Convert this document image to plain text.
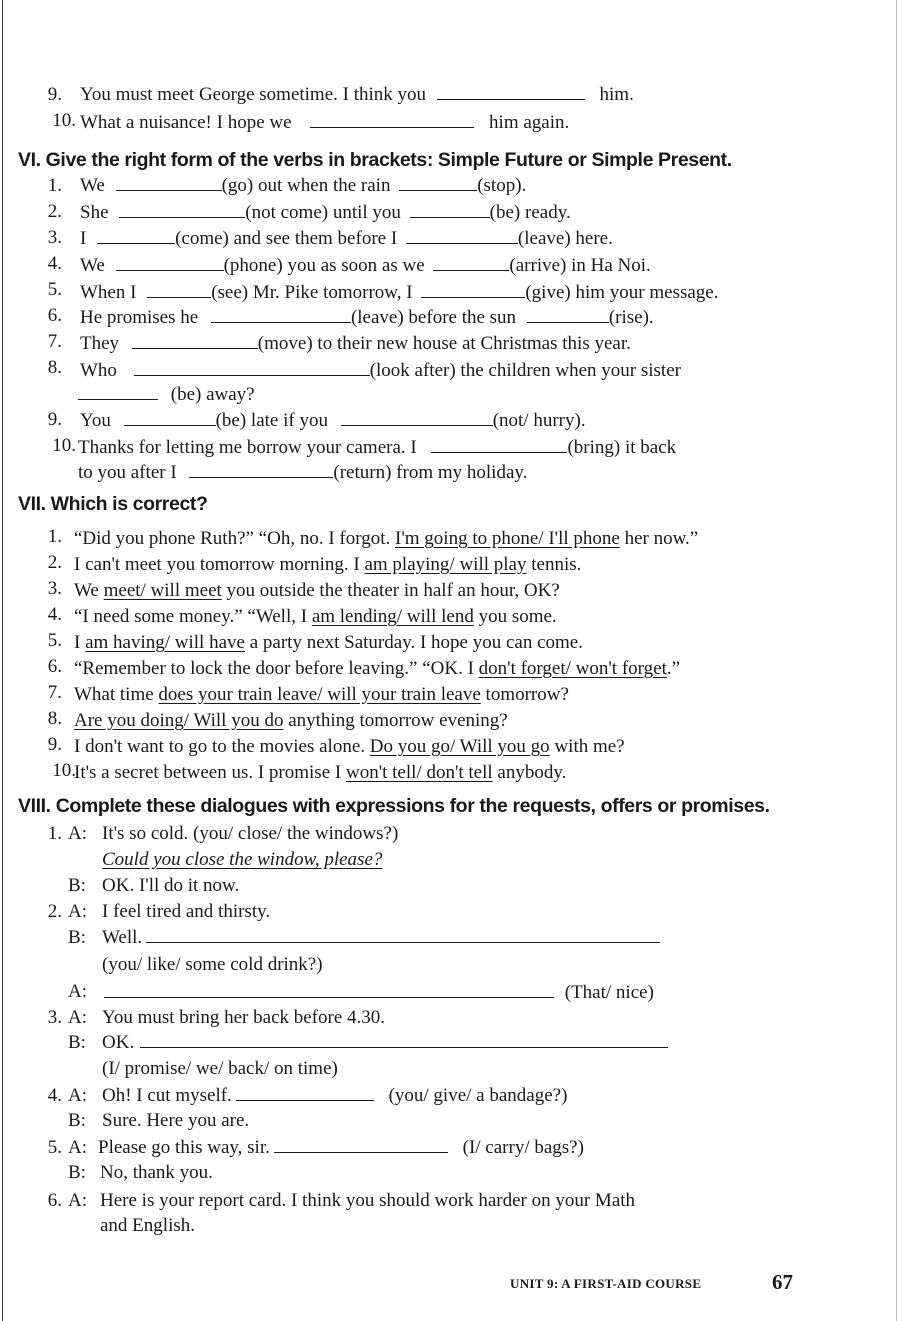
9. You must meet George sometime. I think you	him.
10. What a nuisance! I hope we	him again.
VI. Give the right form of the verbs in brackets: Simple Future or Simple Present.
1. We	(go) out when the rain	(stop).
2. She	(not come) until you	(be) ready.
3. I	(come) and see them before I	(leave) here.
4. We	(phone) you as soon as we	(arrive) in Ha Noi.
5. When I	(see) Mr. Pike tomorrow, I	(give) him your message.
6. He promises he	(leave) before the sun	(rise).
7. They	(move) to their new house at Christmas this year.
8. Who	(look after) the children when your sister
(be) away?
9. You	(be) late if you	(not/ hurry).
10. Thanks for letting me borrow your camera. I	(bring) it back
to you after I	(return) from my holiday.
VII. Which is correct?
1. “Did you phone Ruth?” “Oh, no. I forgot. I'm going to phone/ I'll phone her now.”
2. I can't meet you tomorrow morning. I am playing/ will play tennis.
3. We meet/ will meet you outside the theater in half an hour, OK?
4. “I need some money.” “Well, I am lending/ will lend you some.
5. I am having/ will have a party next Saturday. I hope you can come.
6. “Remember to lock the door before leaving.” “OK. I don't forget/ won't forget.”
7. What time does your train leave/ will your train leave tomorrow?
8. Are you doing/ Will you do anything tomorrow evening?
9. I don't want to go to the movies alone. Do you go/ Will you go with me?
10.
It's a secret between us. I promise I won't tell/ don't tell anybody.
VIII. Complete these dialogues with expressions for the requests, offers or promises.
1. A: It's so cold. (you/ close/ the windows?)
Could you close the window, please?
B: OK. I'll do it now.
2. A: I feel tired and thirsty.
B: Well.
(you/ like/ some cold drink?)
A:	(That/ nice)
3. A: You must bring her back before 4.30.
B: OK.
(I/ promise/ we/ back/ on time)
4. A: Oh! I cut myself.	(you/ give/ a bandage?)
B: Sure. Here you are.
5. A: Please go this way, sir.	(I/ carry/ bags?)
B: No, thank you.
6. A: Here is your report card. I think you should work harder on your Math
and English.
UNIT 9: A FIRST-AID COURSE	67
